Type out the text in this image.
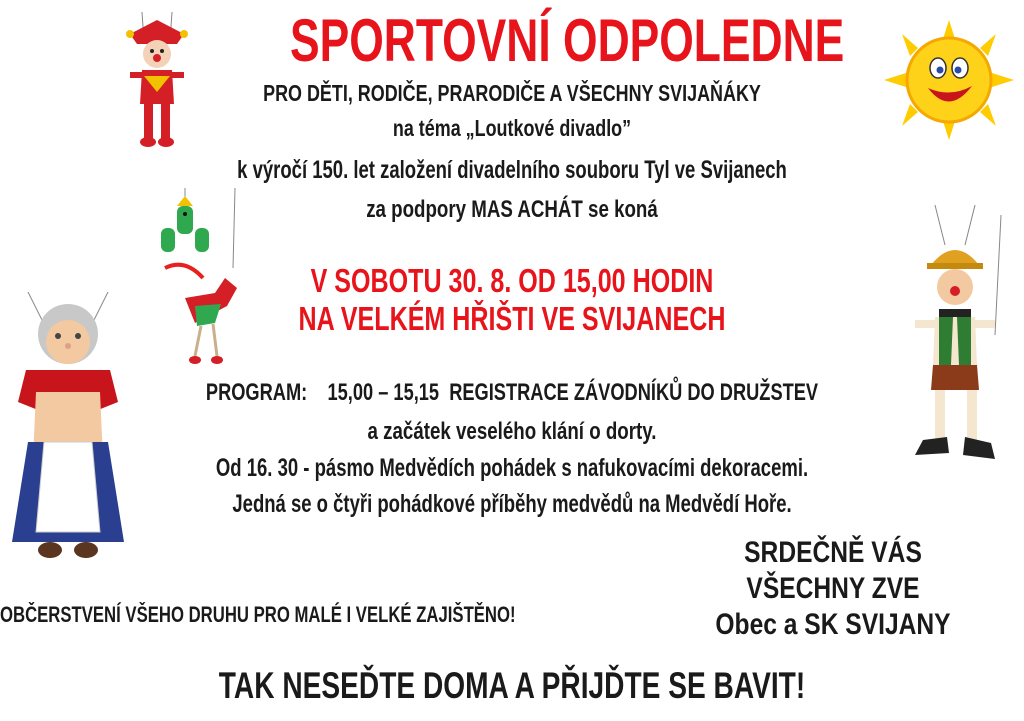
SPORTOVNÍ ODPOLEDNE
PRO DĚTI, RODIČE, PRARODIČE A VŠECHNY SVIJAŇÁKY
na téma „Loutkové divadlo”
k výročí 150. let založení divadelního souboru Tyl ve Svijanech
za podpory MAS ACHÁT se koná
V SOBOTU 30. 8. OD 15,00 HODIN
NA VELKÉM HŘIŠTI VE SVIJANECH
PROGRAM:    15,00 – 15,15  REGISTRACE ZÁVODNÍKŮ DO DRUŽSTEV
a začátek veselého klání o dorty.
Od 16. 30 - pásmo Medvědích pohádek s nafukovacími dekoracemi.
Jedná se o čtyři pohádkové příběhy medvědů na Medvědí Hoře.
SRDEČNĚ VÁS
VŠECHNY ZVE
Obec a SK SVIJANY
OBČERSTVENÍ VŠEHO DRUHU PRO MALÉ I VELKÉ ZAJIŠTĚNO!
TAK NESEĎTE DOMA A PŘIJĎTE SE BAVIT!
